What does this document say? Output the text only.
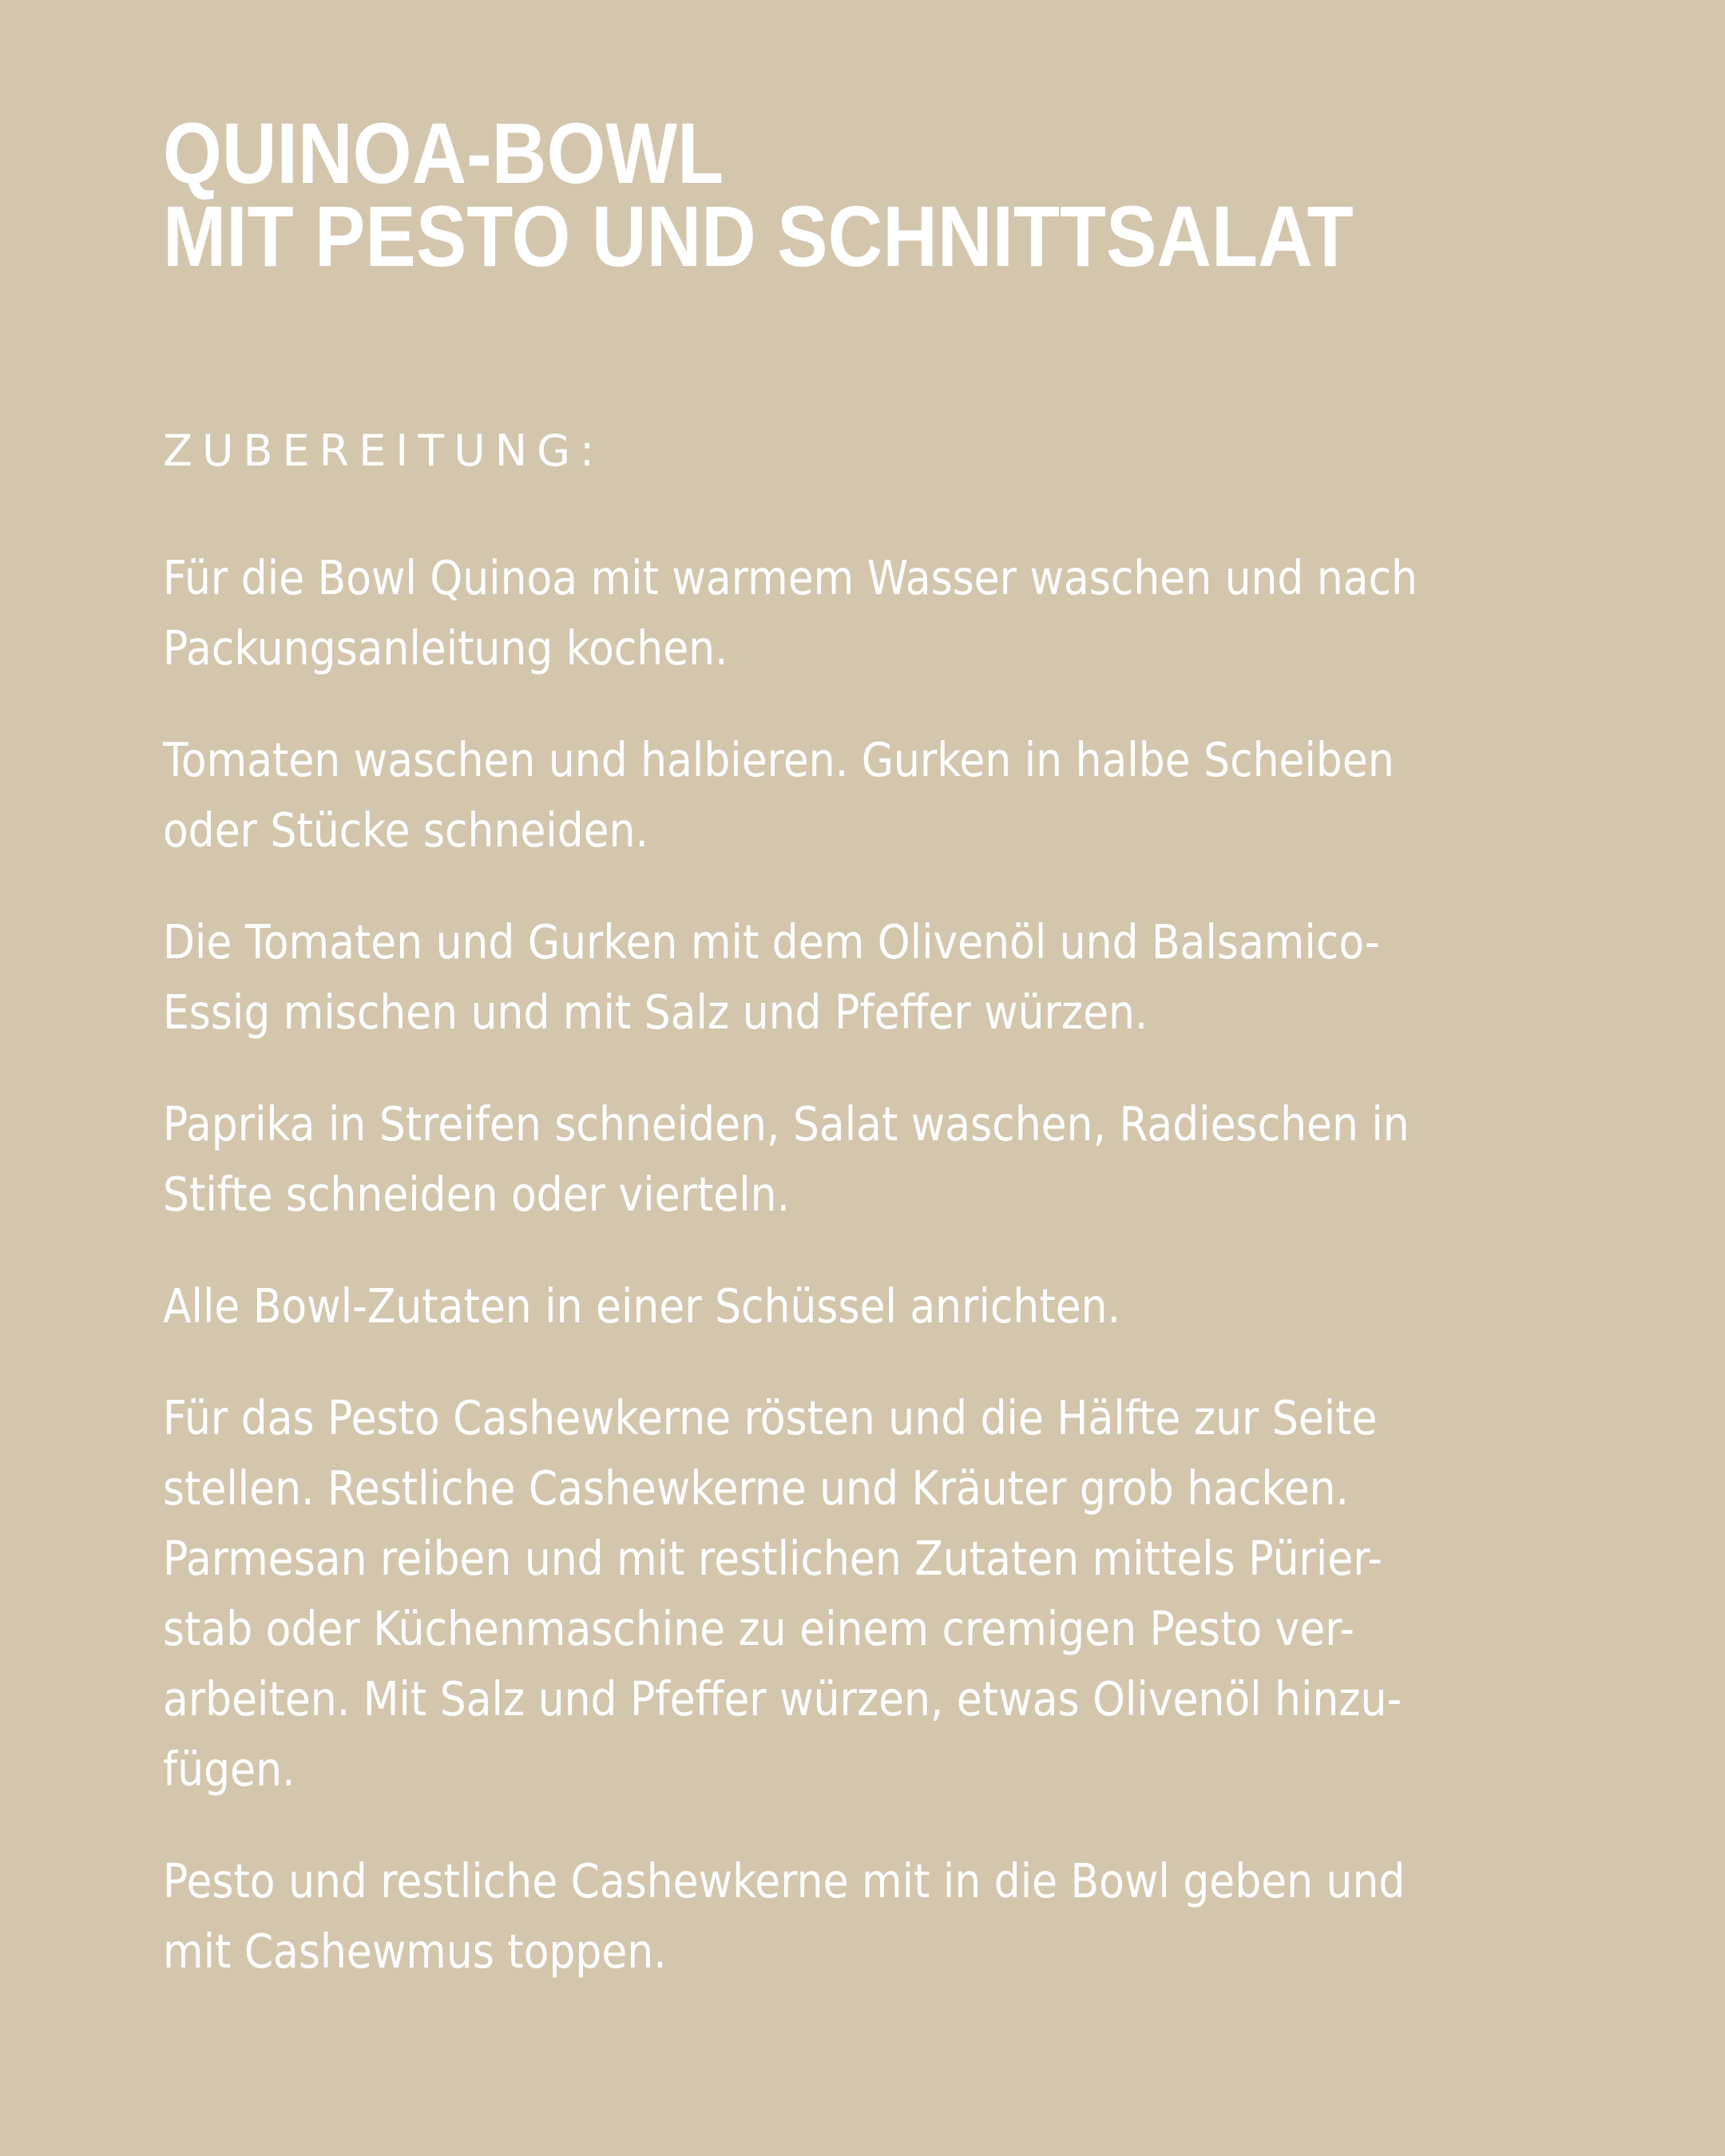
QUINOA-BOWL
MIT PESTO UND SCHNITTSALAT
ZUBEREITUNG:

Für die Bowl Quinoa mit warmem Wasser waschen und nach
Packungsanleitung kochen.

Tomaten waschen und halbieren. Gurken in halbe Scheiben
oder Stücke schneiden.

Die Tomaten und Gurken mit dem Olivenöl und Balsamico-
Essig mischen und mit Salz und Pfeffer würzen.

Paprika in Streifen schneiden, Salat waschen, Radieschen in
Stifte schneiden oder vierteln.

Alle Bowl-Zutaten in einer Schüssel anrichten.

Für das Pesto Cashewkerne rösten und die Hälfte zur Seite
stellen. Restliche Cashewkerne und Kräuter grob hacken.
Parmesan reiben und mit restlichen Zutaten mittels Pürier-
stab oder Küchenmaschine zu einem cremigen Pesto ver-
arbeiten. Mit Salz und Pfeffer würzen, etwas Olivenöl hinzu-
fügen.

Pesto und restliche Cashewkerne mit in die Bowl geben und
mit Cashewmus toppen.
